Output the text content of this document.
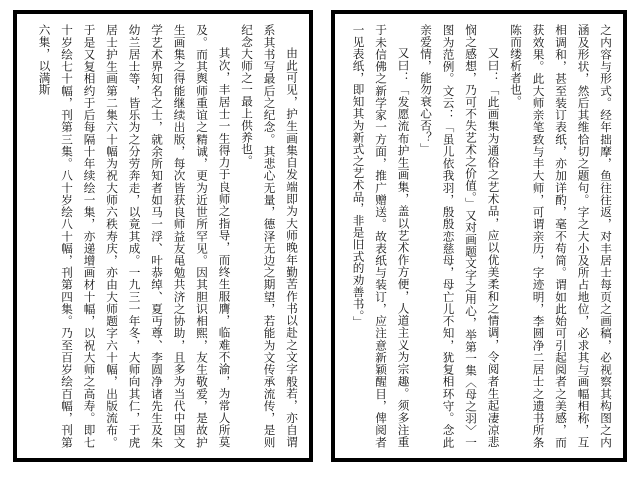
由此可见，护生画集自发端即为大师晚年勤苦作书以赴之文字般若，亦自谓系其书写最后之纪念。其悲心无量，德泽无边之期望，若能为文传承流传，是则纪念大师之一最上供养也。

其次，丰居士一生得力于良师之指导，而终生服膺，临难不渝，为常人所莫及。而其舆师重谊之精诚，更为近世所罕见。因其胆识相熙，友生敬爱，是故护生画集之得能继续出版，每次皆获良师益友黾勉共济之协助，且多为当代中国文学艺术界知名之士，就余所知者如马一浮、叶恭绰、夏丏尊、李圆净诸先生及朱幼兰居士等，皆乐为之分劳奔走，以竟其成。一九三一年冬，大师向其仁，于虎居士护生画第二集六十幅为祝大师六秩寿庆，亦由大师题字六十幅，出版流布。于是又复相约于后每隔十年续绘一集，亦递增画材十幅，以祝大师之高寿。即七十岁绘七十幅，刊第三集。八十岁绘八十幅，刊第四集。乃至百岁绘百幅，刊第六集，以满斯	之内容与形式。经年拙摩，鱼往往返，对丰居士每页之画稿，必视察其构图之内涵及形状，然后其维恰切之题句。字之大小及所占地位，必求其与画幅相称，互相调和，甚至装订表纸，亦加详酌，毫不苟简。谓如此始可引起阅者之美感，而获效果。此大师亲笔致与丰大师，可谓亲历，字迹明，李圆净二居士之遗书所条陈而缕析者也。

又曰：「此画集为通俗之艺术品，应以优美柔和之情调，令阅者生起凄凉悲悯之感想，乃可不失艺术之价值。」又对画题文字之用心，举第一集〈母之羽〉一图为范例。文云：「虽儿依我羽，殷殷恋慈母，母亡儿不知，犹复相环守。念此亲爱情，能勿衰心否？」

又曰：「发愿流布护生画集，盖以艺术作方便，人道主义为宗趣。须多注重于未信佛之新学家一方面，推广赠送。故表纸与装订，应注意新颖醒目，俾阅者一见表纸，即知其为新式之艺术品，非是旧式的劝善书。」
